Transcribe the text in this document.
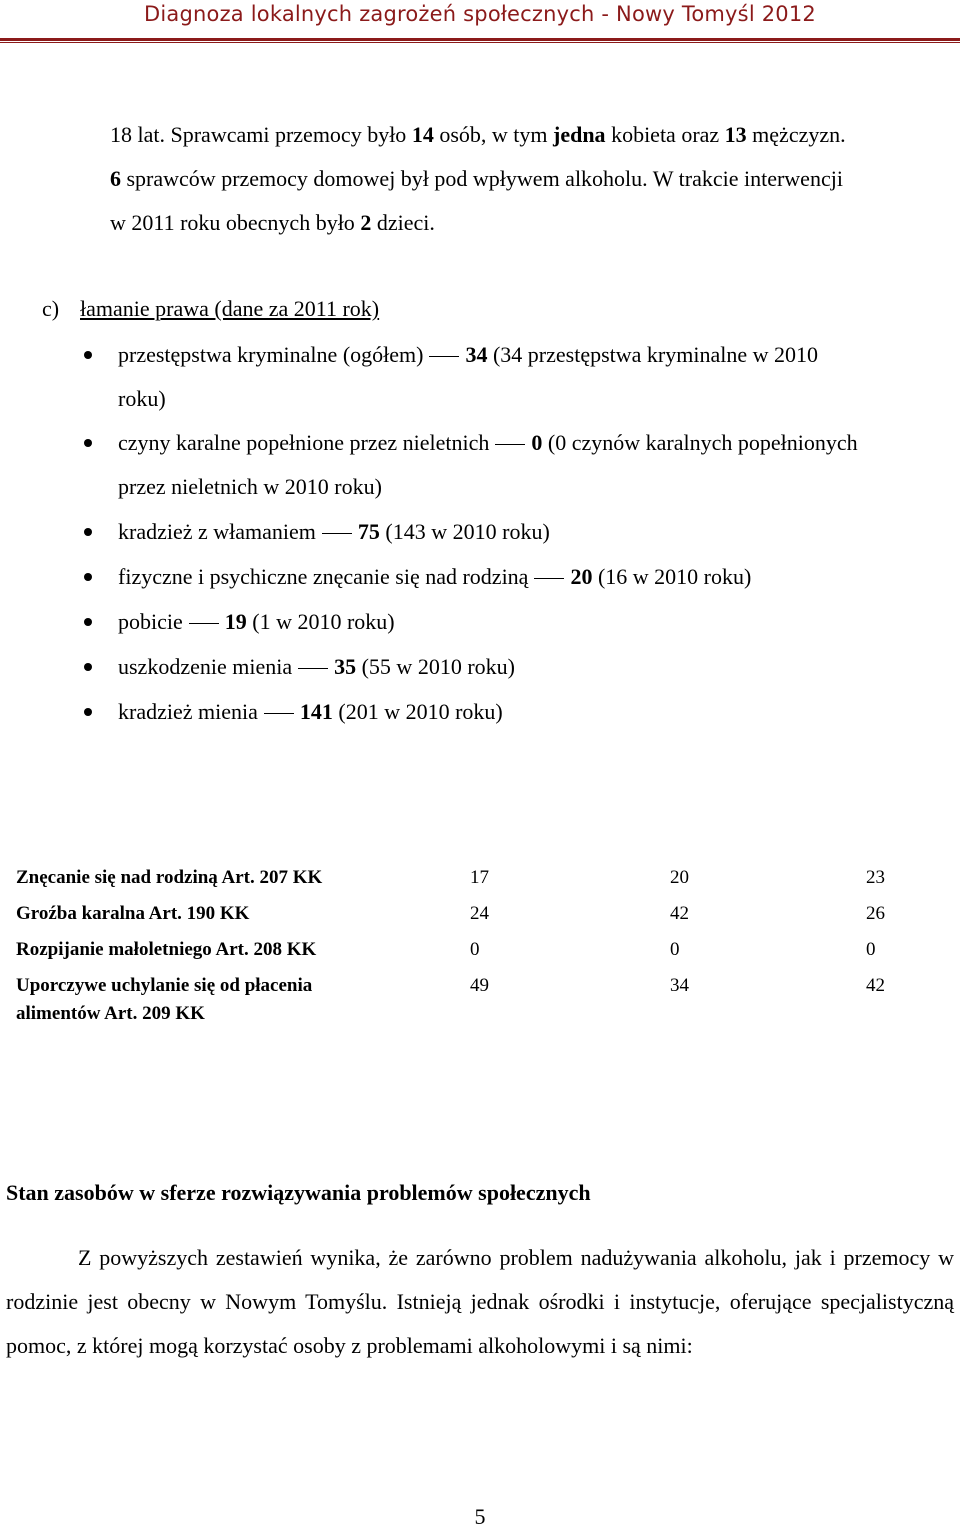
Diagnoza lokalnych zagrożeń społecznych - Nowy Tomyśl 2012
18 lat. Sprawcami przemocy było 14 osób, w tym jedna kobieta oraz 13 mężczyzn.
6 sprawców przemocy domowej był pod wpływem alkoholu. W trakcie interwencji
w 2011 roku obecnych było 2 dzieci.
c) łamanie prawa (dane za 2011 rok)
przestępstwa kryminalne (ogółem) 34 (34 przestępstwa kryminalne w 2010
roku)
czyny karalne popełnione przez nieletnich 0 (0 czynów karalnych popełnionych
przez nieletnich w 2010 roku)
kradzież z włamaniem 75 (143 w 2010 roku)
fizyczne i psychiczne znęcanie się nad rodziną 20 (16 w 2010 roku)
pobicie 19 (1 w 2010 roku)
uszkodzenie mienia 35 (55 w 2010 roku)
kradzież mienia 141 (201 w 2010 roku)
Znęcanie się nad rodziną Art. 207 KK	17	20	23
Groźba karalna Art. 190 KK	24	42	26
Rozpijanie małoletniego Art. 208 KK	0	0	0
Uporczywe uchylanie się od płacenia alimentów Art. 209 KK	49	34	42
Stan zasobów w sferze rozwiązywania problemów społecznych
Z powyższych zestawień wynika, że zarówno problem nadużywania alkoholu, jak i przemocy w rodzinie jest obecny w Nowym Tomyślu. Istnieją jednak ośrodki i instytucje, oferujące specjalistyczną pomoc, z której mogą korzystać osoby z problemami alkoholowymi i są nimi:
5
